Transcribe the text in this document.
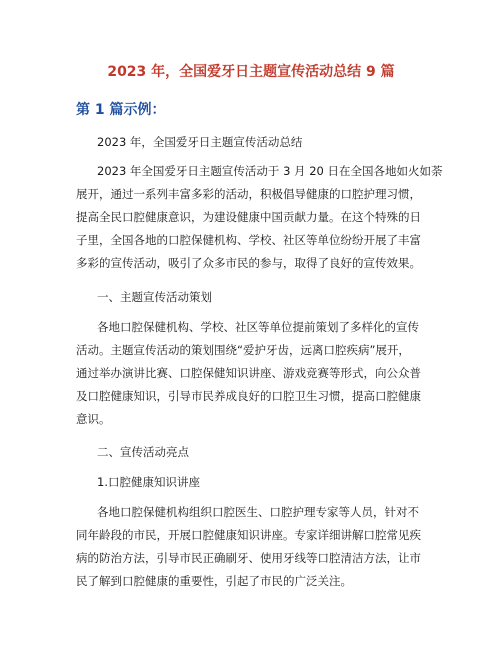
2023 年，全国爱牙日主题宣传活动总结 9 篇
第 1 篇示例：
2023 年，全国爱牙日主题宣传活动总结
2023 年全国爱牙日主题宣传活动于 3 月 20 日在全国各地如火如荼
展开，通过一系列丰富多彩的活动，积极倡导健康的口腔护理习惯，
提高全民口腔健康意识，为建设健康中国贡献力量。在这个特殊的日
子里，全国各地的口腔保健机构、学校、社区等单位纷纷开展了丰富
多彩的宣传活动，吸引了众多市民的参与，取得了良好的宣传效果。
一、主题宣传活动策划
各地口腔保健机构、学校、社区等单位提前策划了多样化的宣传
活动。主题宣传活动的策划围绕“爱护牙齿，远离口腔疾病”展开，
通过举办演讲比赛、口腔保健知识讲座、游戏竞赛等形式，向公众普
及口腔健康知识，引导市民养成良好的口腔卫生习惯，提高口腔健康
意识。
二、宣传活动亮点
1.口腔健康知识讲座
各地口腔保健机构组织口腔医生、口腔护理专家等人员，针对不
同年龄段的市民，开展口腔健康知识讲座。专家详细讲解口腔常见疾
病的防治方法，引导市民正确刷牙、使用牙线等口腔清洁方法，让市
民了解到口腔健康的重要性，引起了市民的广泛关注。
